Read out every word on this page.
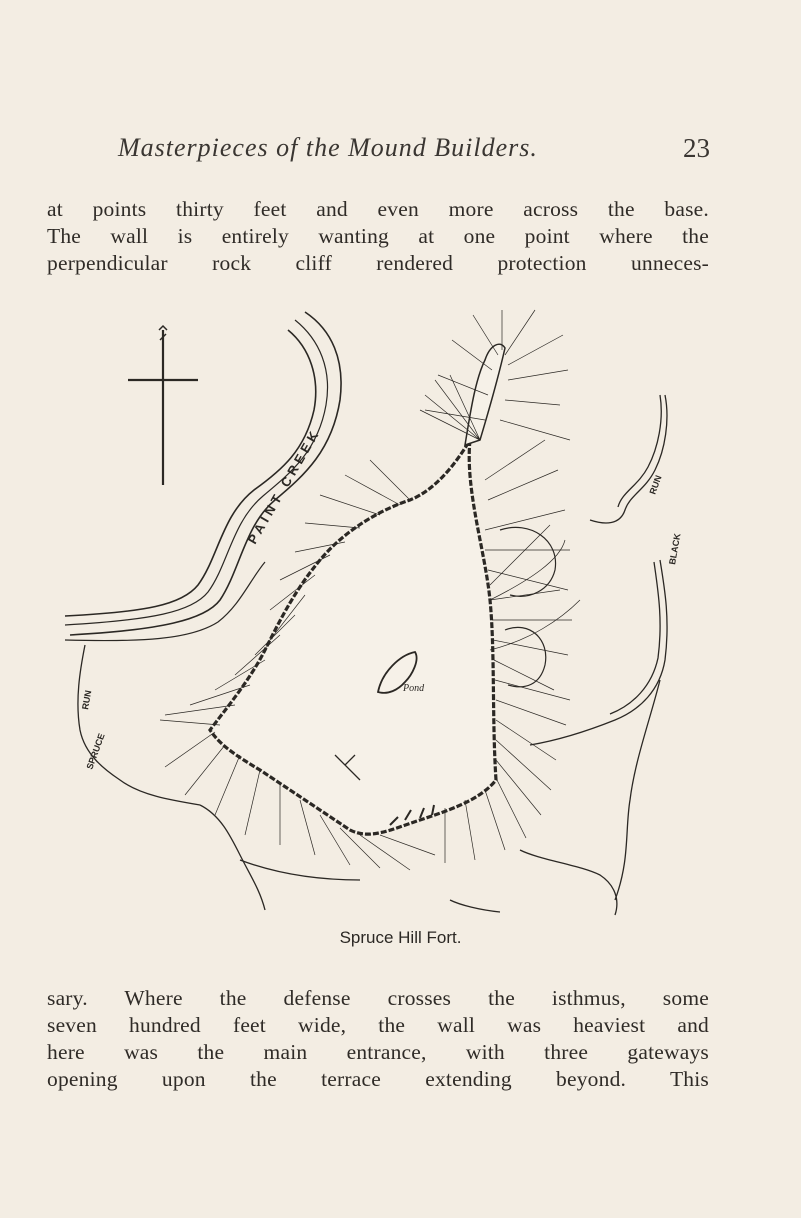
Masterpieces of the Mound Builders.	23
at points thirty feet and even more across the base.
The wall is entirely wanting at one point where the
perpendicular rock cliff rendered protection unneces-
Pond
PAINT CREEK
RUN
SPRUCE
RUN
BLACK
Spruce Hill Fort.
sary. Where the defense crosses the isthmus, some
seven hundred feet wide, the wall was heaviest and
here was the main entrance, with three gateways
opening upon the terrace extending beyond. This
